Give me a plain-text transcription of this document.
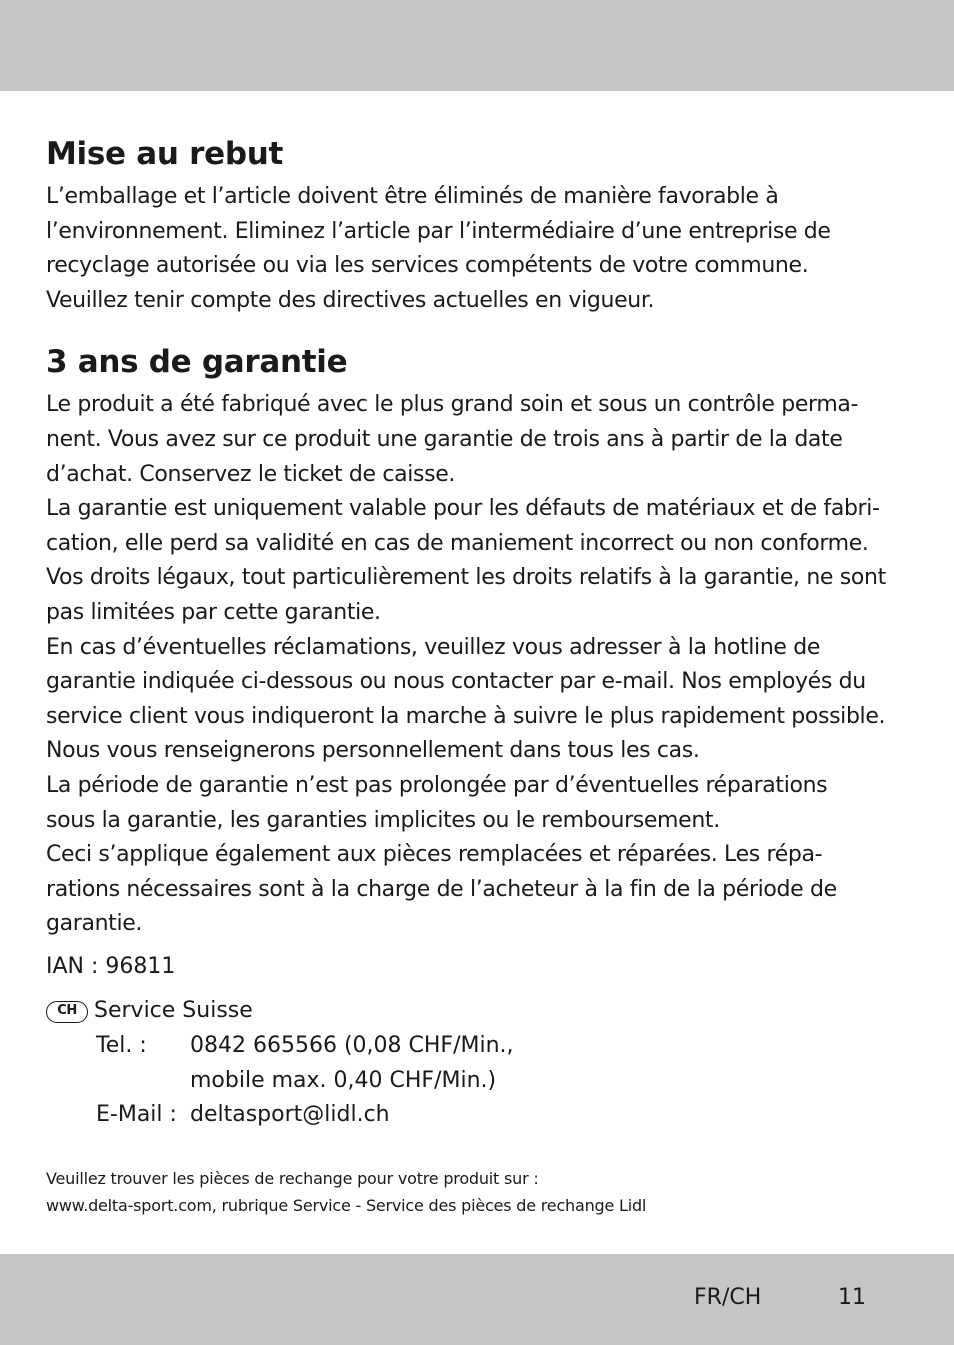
Mise au rebut

L’emballage et l’article doivent être éliminés de manière favorable à
l’environnement. Eliminez l’article par l’intermédiaire d’une entreprise de
recyclage autorisée ou via les services compétents de votre commune.
Veuillez tenir compte des directives actuelles en vigueur.

3 ans de garantie

Le produit a été fabriqué avec le plus grand soin et sous un contrôle perma-
nent. Vous avez sur ce produit une garantie de trois ans à partir de la date
d’achat. Conservez le ticket de caisse.
La garantie est uniquement valable pour les défauts de matériaux et de fabri-
cation, elle perd sa validité en cas de maniement incorrect ou non conforme.
Vos droits légaux, tout particulièrement les droits relatifs à la garantie, ne sont
pas limitées par cette garantie.
En cas d’éventuelles réclamations, veuillez vous adresser à la hotline de
garantie indiquée ci-dessous ou nous contacter par e-mail. Nos employés du
service client vous indiqueront la marche à suivre le plus rapidement possible.
Nous vous renseignerons personnellement dans tous les cas.
La période de garantie n’est pas prolongée par d’éventuelles réparations
sous la garantie, les garanties implicites ou le remboursement.
Ceci s’applique également aux pièces remplacées et réparées. Les répa-
rations nécessaires sont à la charge de l’acheteur à la fin de la période de
garantie.

IAN : 96811
CH Service Suisse
Tel. :	0842 665566 (0,08 CHF/Min.,
mobile max. 0,40 CHF/Min.)
E-Mail : deltasport@lidl.ch
Veuillez trouver les pièces de rechange pour votre produit sur :
www.delta-sport.com, rubrique Service - Service des pièces de rechange Lidl
FR/CH	11
